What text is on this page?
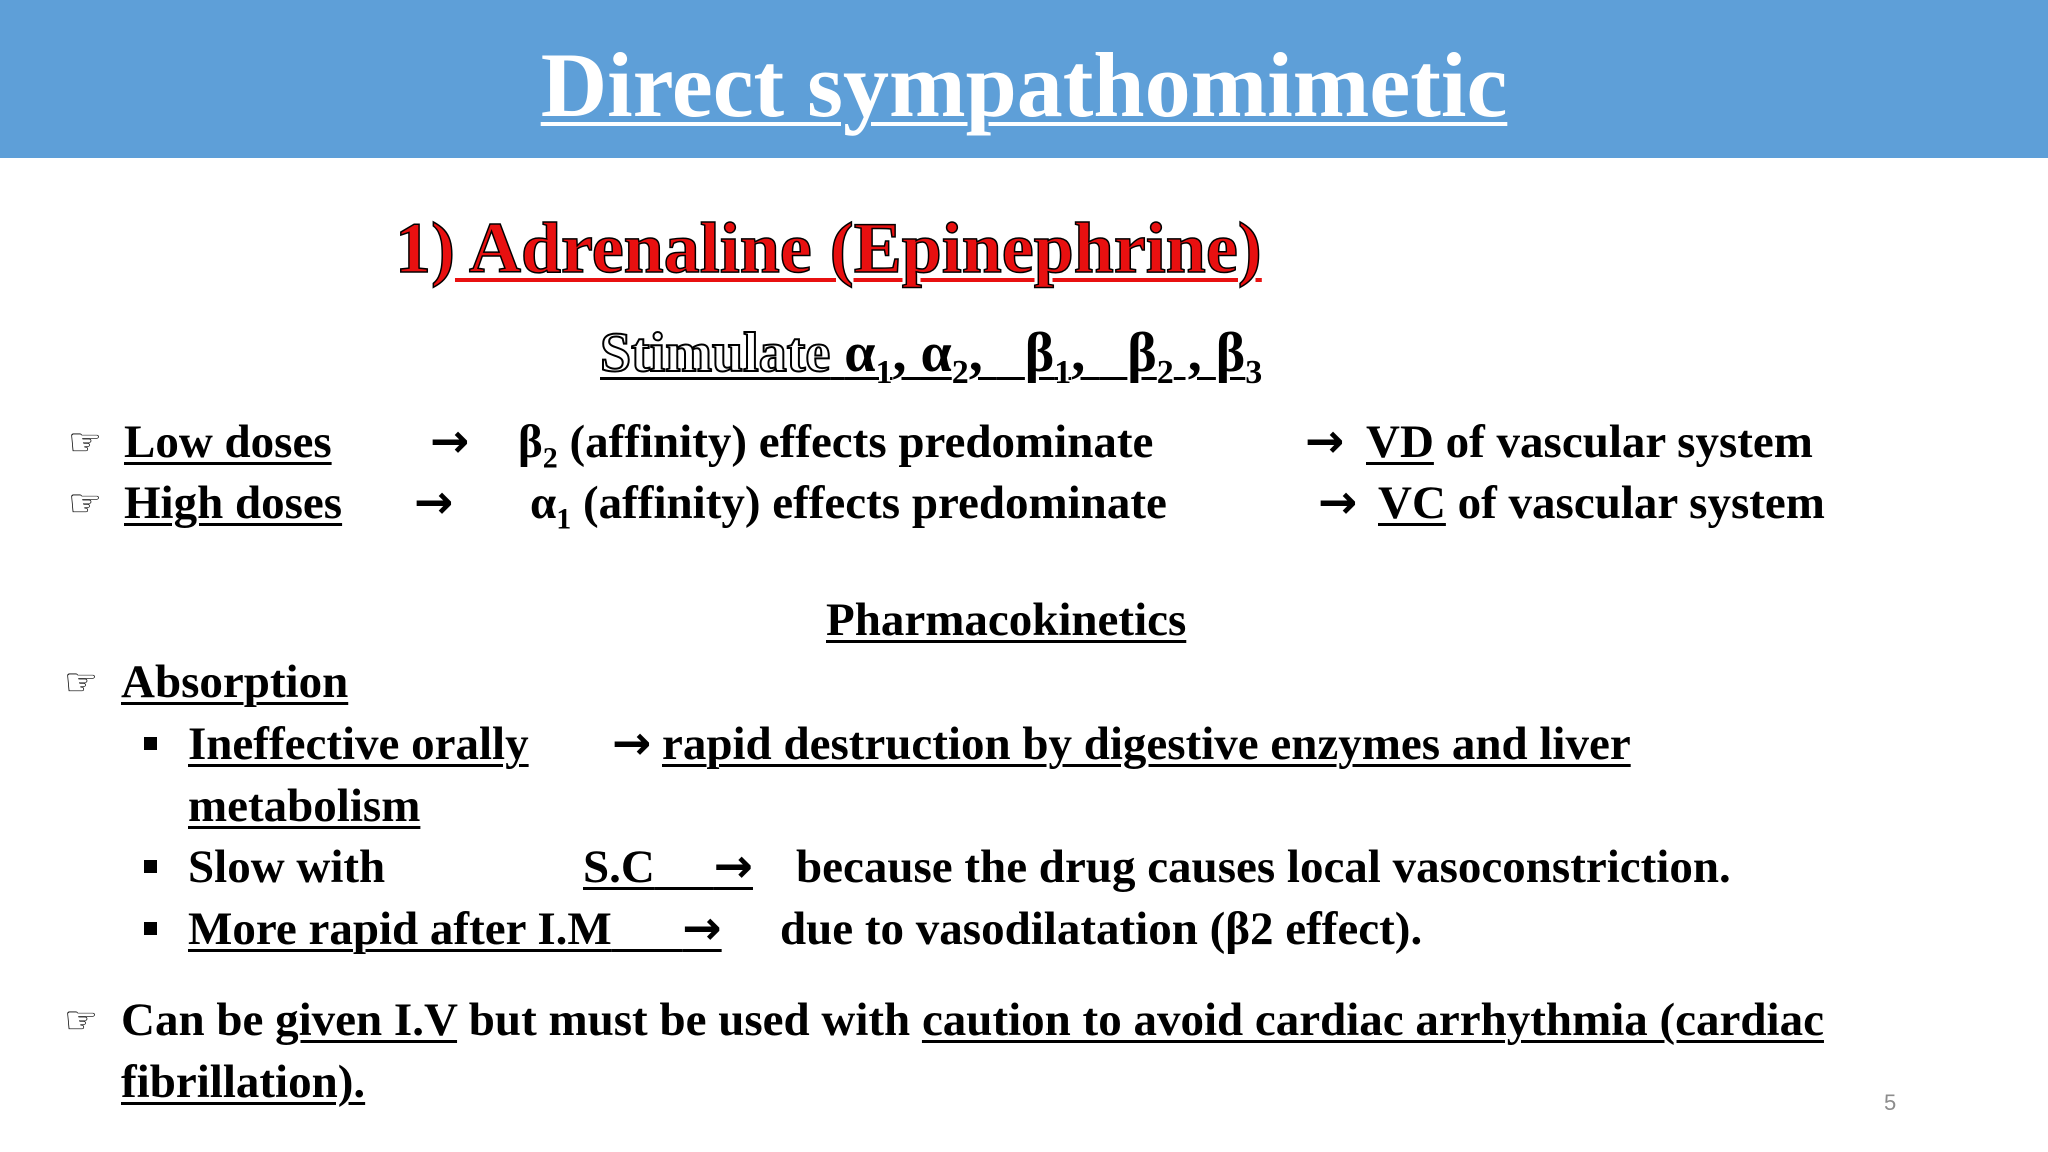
Direct sympathomimetic
1) Adrenaline (Epinephrine)
Stimulate $\alpha_1$, $\alpha_2$,   $\beta_1$,   $\beta_2$ , $\beta_3$
☞ Low doses → $\beta_2$ (affinity) effects predominate	→ VD of vascular system
☞ High doses → $\alpha_1$ (affinity) effects predominate	→ VC of vascular system
Pharmacokinetics
☞ Absorption
Ineffective orally → rapid destruction by digestive enzymes and liver
metabolism
Slow with	S.C → because the drug causes local vasoconstriction.
More rapid after I.M → due to vasodilatation (β2 effect).
☞ Can be given I.V but must be used with caution to avoid cardiac arrhythmia (cardiac
fibrillation).	5
